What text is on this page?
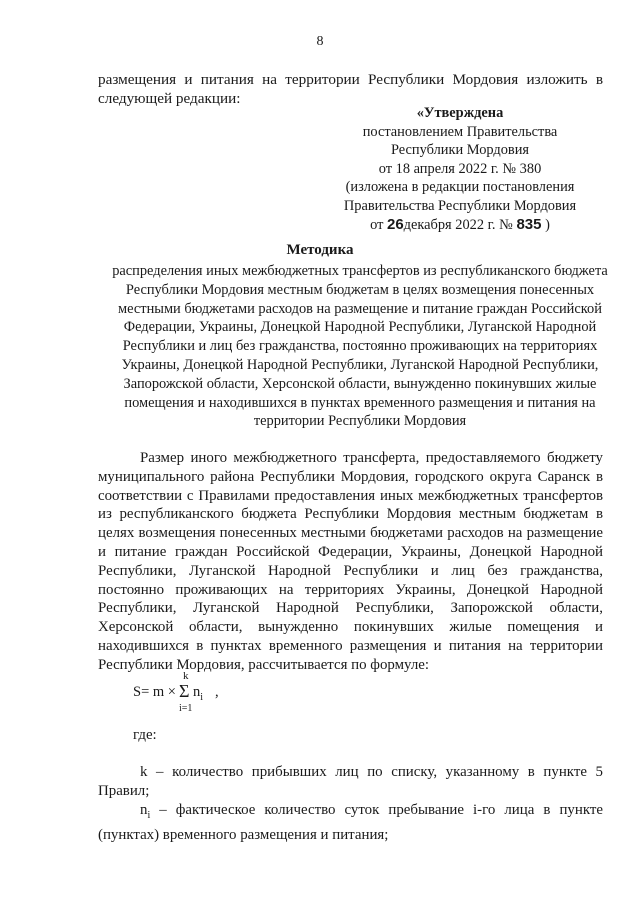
8
размещения и питания на территории Республики Мордовия изложить в следующей редакции:
«Утверждена
постановлением Правительства
Республики Мордовия
от 18 апреля 2022 г. № 380
(изложена в редакции постановления
Правительства Республики Мордовия
от 26декабря 2022 г. № 835 )
Методика
распределения иных межбюджетных трансфертов из республиканского бюджета Республики Мордовия местным бюджетам в целях возмещения понесенных местными бюджетами расходов на размещение и питание граждан Российской Федерации, Украины, Донецкой Народной Республики, Луганской Народной Республики и лиц без гражданства, постоянно проживающих на территориях Украины, Донецкой Народной Республики, Луганской Народной Республики, Запорожской области, Херсонской области, вынужденно покинувших жилые помещения и находившихся в пунктах временного размещения и питания на территории Республики Мордовия
Размер иного межбюджетного трансферта, предоставляемого бюджету муниципального района Республики Мордовия, городского округа Саранск в соответствии с Правилами предоставления иных межбюджетных трансфертов из республиканского бюджета Республики Мордовия местным бюджетам в целях возмещения понесенных местными бюджетами расходов на размещение и питание граждан Российской Федерации, Украины, Донецкой Народной Республики, Луганской Народной Республики и лиц без гражданства, постоянно проживающих на территориях Украины, Донецкой Народной Республики, Луганской Народной Республики, Запорожской области, Херсонской области, вынужденно покинувших жилые помещения и находившихся в пунктах временного размещения и питания на территории Республики Мордовия, рассчитывается по формуле:
S= m ×
k
Σ $n_i$
i=1
,
где:
k – количество прибывших лиц по списку, указанному в пункте 5 Правил;
$n_i$ – фактическое количество суток пребывание i-го лица в пункте (пунктах) временного размещения и питания;
